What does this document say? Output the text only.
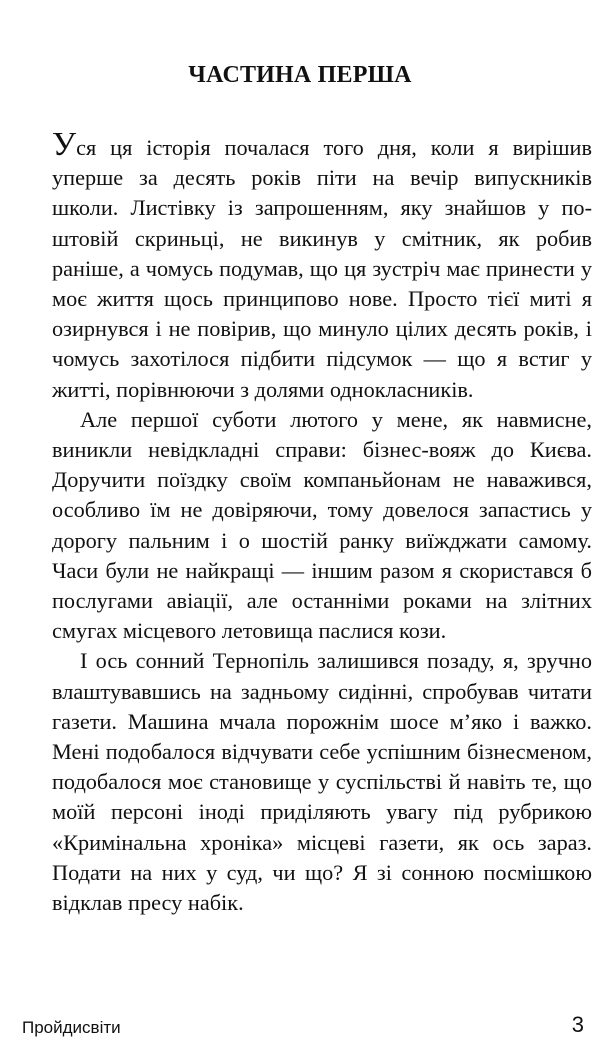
ЧАСТИНА ПЕРША

Уся ця історія почалася того дня, коли я вирішив уперше за десять років піти на вечір випускників школи. Листівку із запрошенням, яку знайшов у поштовій скриньці, не викинув у смітник, як робив раніше, а чомусь подумав, що ця зустріч має принести у моє життя щось принципово нове. Просто тієї миті я озирнувся і не повірив, що минуло цілих десять років, і чомусь захотілося підбити підсумок — що я встиг у житті, порівнюючи з долями однокласників.

Але першої суботи лютого у мене, як навмисне, виникли невідкладні справи: бізнес-вояж до Києва. Доручити поїздку своїм компаньйонам не наважився, особливо їм не довіряючи, тому довелося запастись у дорогу пальним і о шостій ранку виїжджати самому. Часи були не найкращі — іншим разом я скористався б послугами авіації, але останніми роками на злітних смугах місцевого летовища паслися кози.

І ось сонний Тернопіль залишився позаду, я, зручно влаштувавшись на задньому сидінні, спробував читати газети. Машина мчала порожнім шосе м’яко і важко. Мені подобалося відчувати себе успішним бізнесменом, подобалося моє становище у суспільстві й навіть те, що моїй персоні іноді приділяють увагу під рубрикою «Кримінальна хроніка» місцеві газети, як ось зараз. Подати на них у суд, чи що? Я зі сонною посмішкою відклав пресу набік.

Пройдисвіти	3
